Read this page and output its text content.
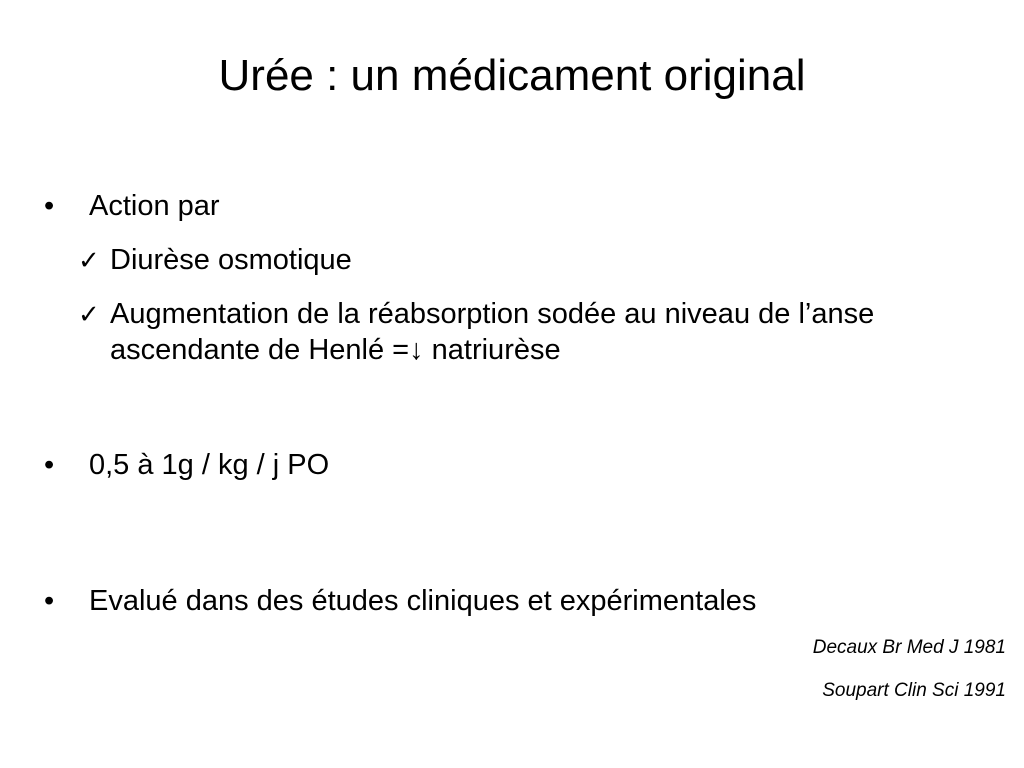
Urée : un médicament original
•	Action par
✓ Diurèse osmotique
✓ Augmentation de la réabsorption sodée au niveau de l’anse ascendante de Henlé =↓ natriurèse
•	0,5 à 1g / kg / j PO
•	Evalué dans des études cliniques et expérimentales
Decaux Br Med J 1981
Soupart Clin Sci 1991
